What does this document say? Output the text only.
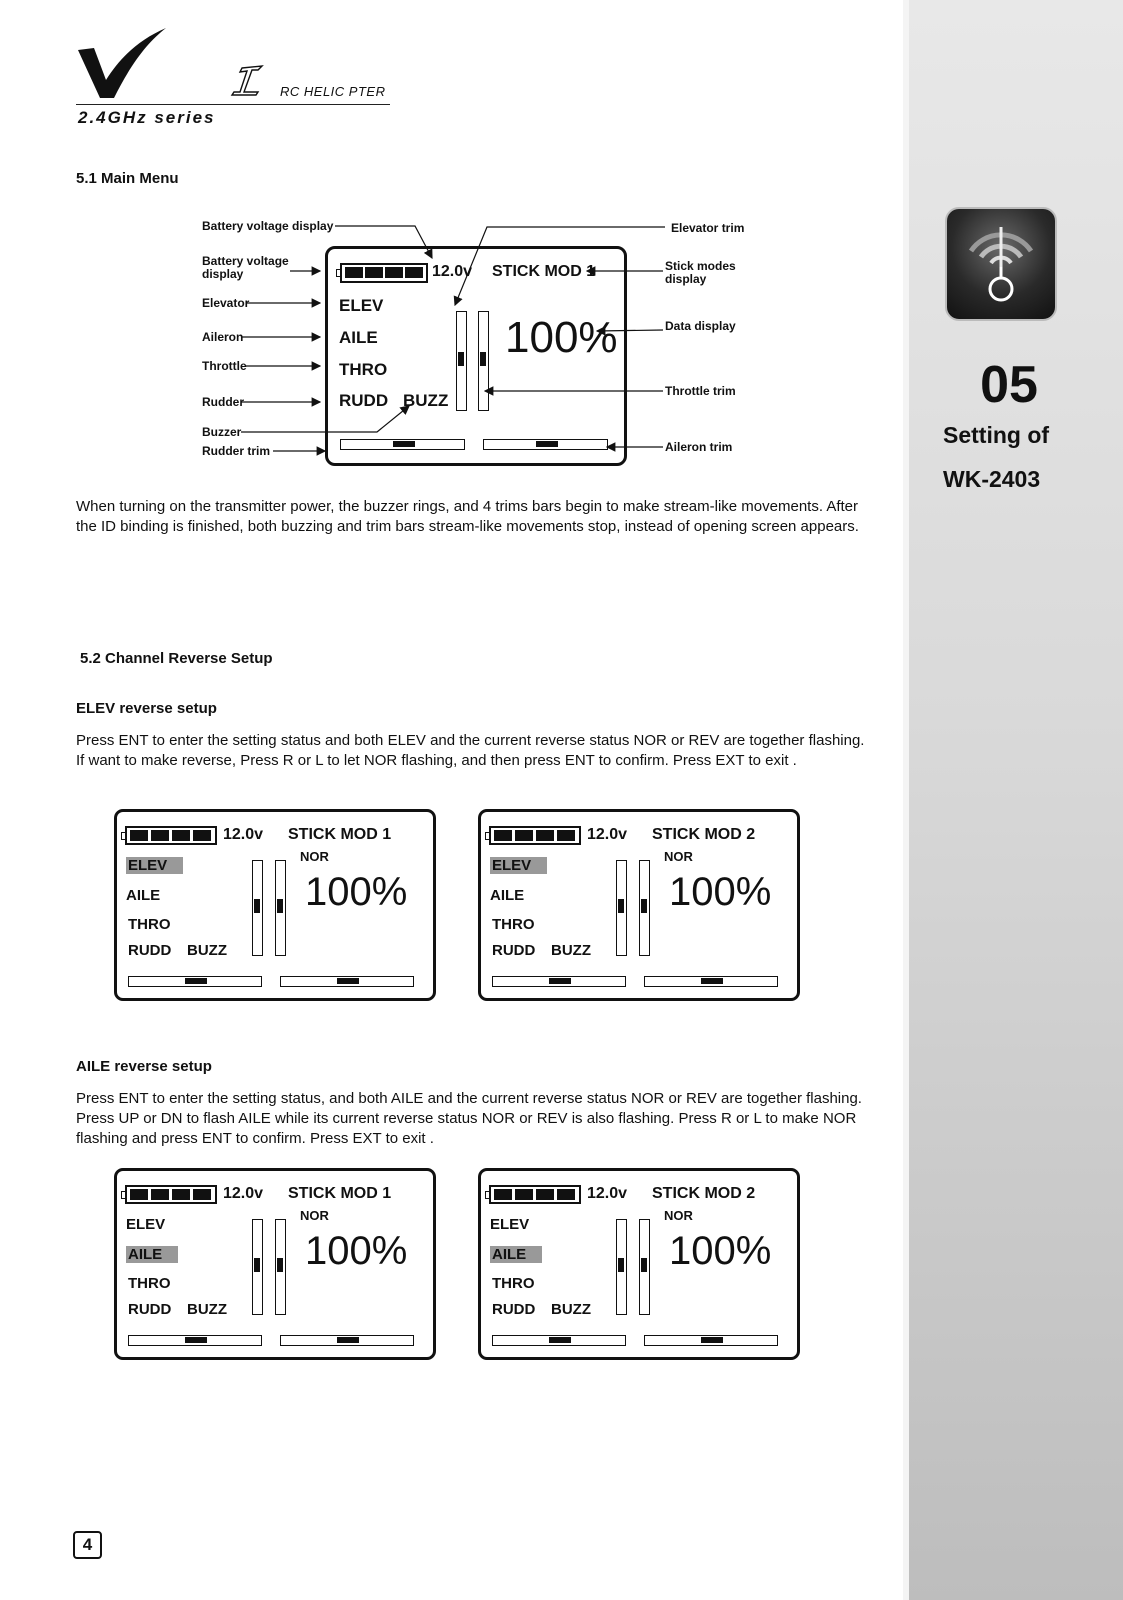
RC HELIC PTER
2.4GHz series
05
Setting of
WK-2403
5.1 Main Menu
Battery voltage display
Battery voltage display
Elevator
Aileron
Throttle
Rudder
Buzzer
Rudder trim
Elevator trim
Stick modes display
Data display
Throttle trim
Aileron trim
12.0v STICK MOD 1
ELEV
AILE
THRO
RUDD BUZZ
100%
When turning on the transmitter power, the buzzer rings, and 4 trims bars begin to make stream-like movements. After the ID binding is finished, both buzzing and trim bars stream-like movements stop, instead of opening screen appears.
5.2 Channel Reverse Setup
ELEV reverse setup
Press ENT to enter the setting status and both ELEV and the current reverse status NOR or REV are together flashing. If want to make reverse, Press R or L to let NOR flashing, and then press ENT to confirm. Press EXT to exit .
AILE reverse setup
Press ENT to enter the setting status, and both AILE and the current reverse status NOR or REV are together flashing. Press UP or DN to flash AILE while its current reverse status NOR or REV is also flashing. Press R or L to make NOR flashing and press ENT to confirm. Press EXT to exit .
12.0v STICK MOD 1
NOR
ELEV
AILE
THRO
RUDD BUZZ
100%
12.0v STICK MOD 2
NOR
ELEV
AILE
THRO
RUDD BUZZ
100%
12.0v STICK MOD 1
NOR
ELEV
AILE
THRO
RUDD BUZZ
100%
12.0v STICK MOD 2
NOR
ELEV
AILE
THRO
RUDD BUZZ
100%
4
